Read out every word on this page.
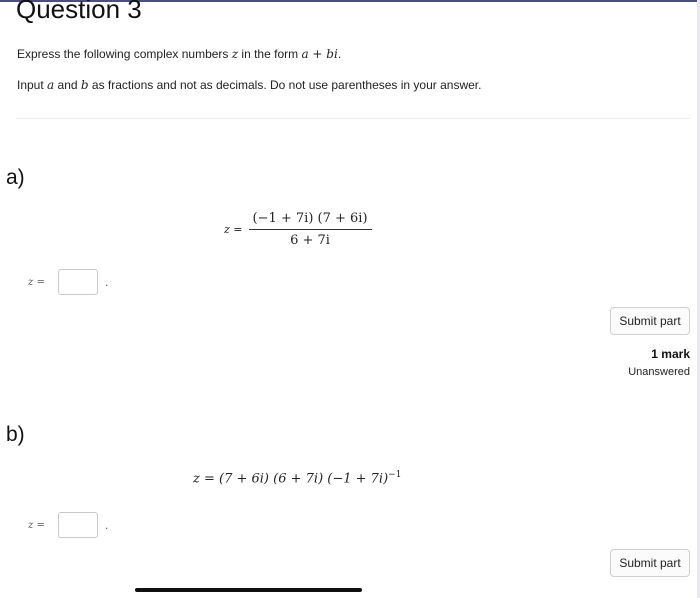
Question 3
Express the following complex numbers z in the form a + bi.
Input a and b as fractions and not as decimals. Do not use parentheses in your answer.
a)
$z = \frac{(-1 + 7i) (7 + 6i)}{6 + 7i}$
z =	.
Submit part
1 mark
Unanswered
b)
z = (7 + 6i) (6 + 7i) $(-1 + 7i)^{-1}$
z =	.
Submit part
